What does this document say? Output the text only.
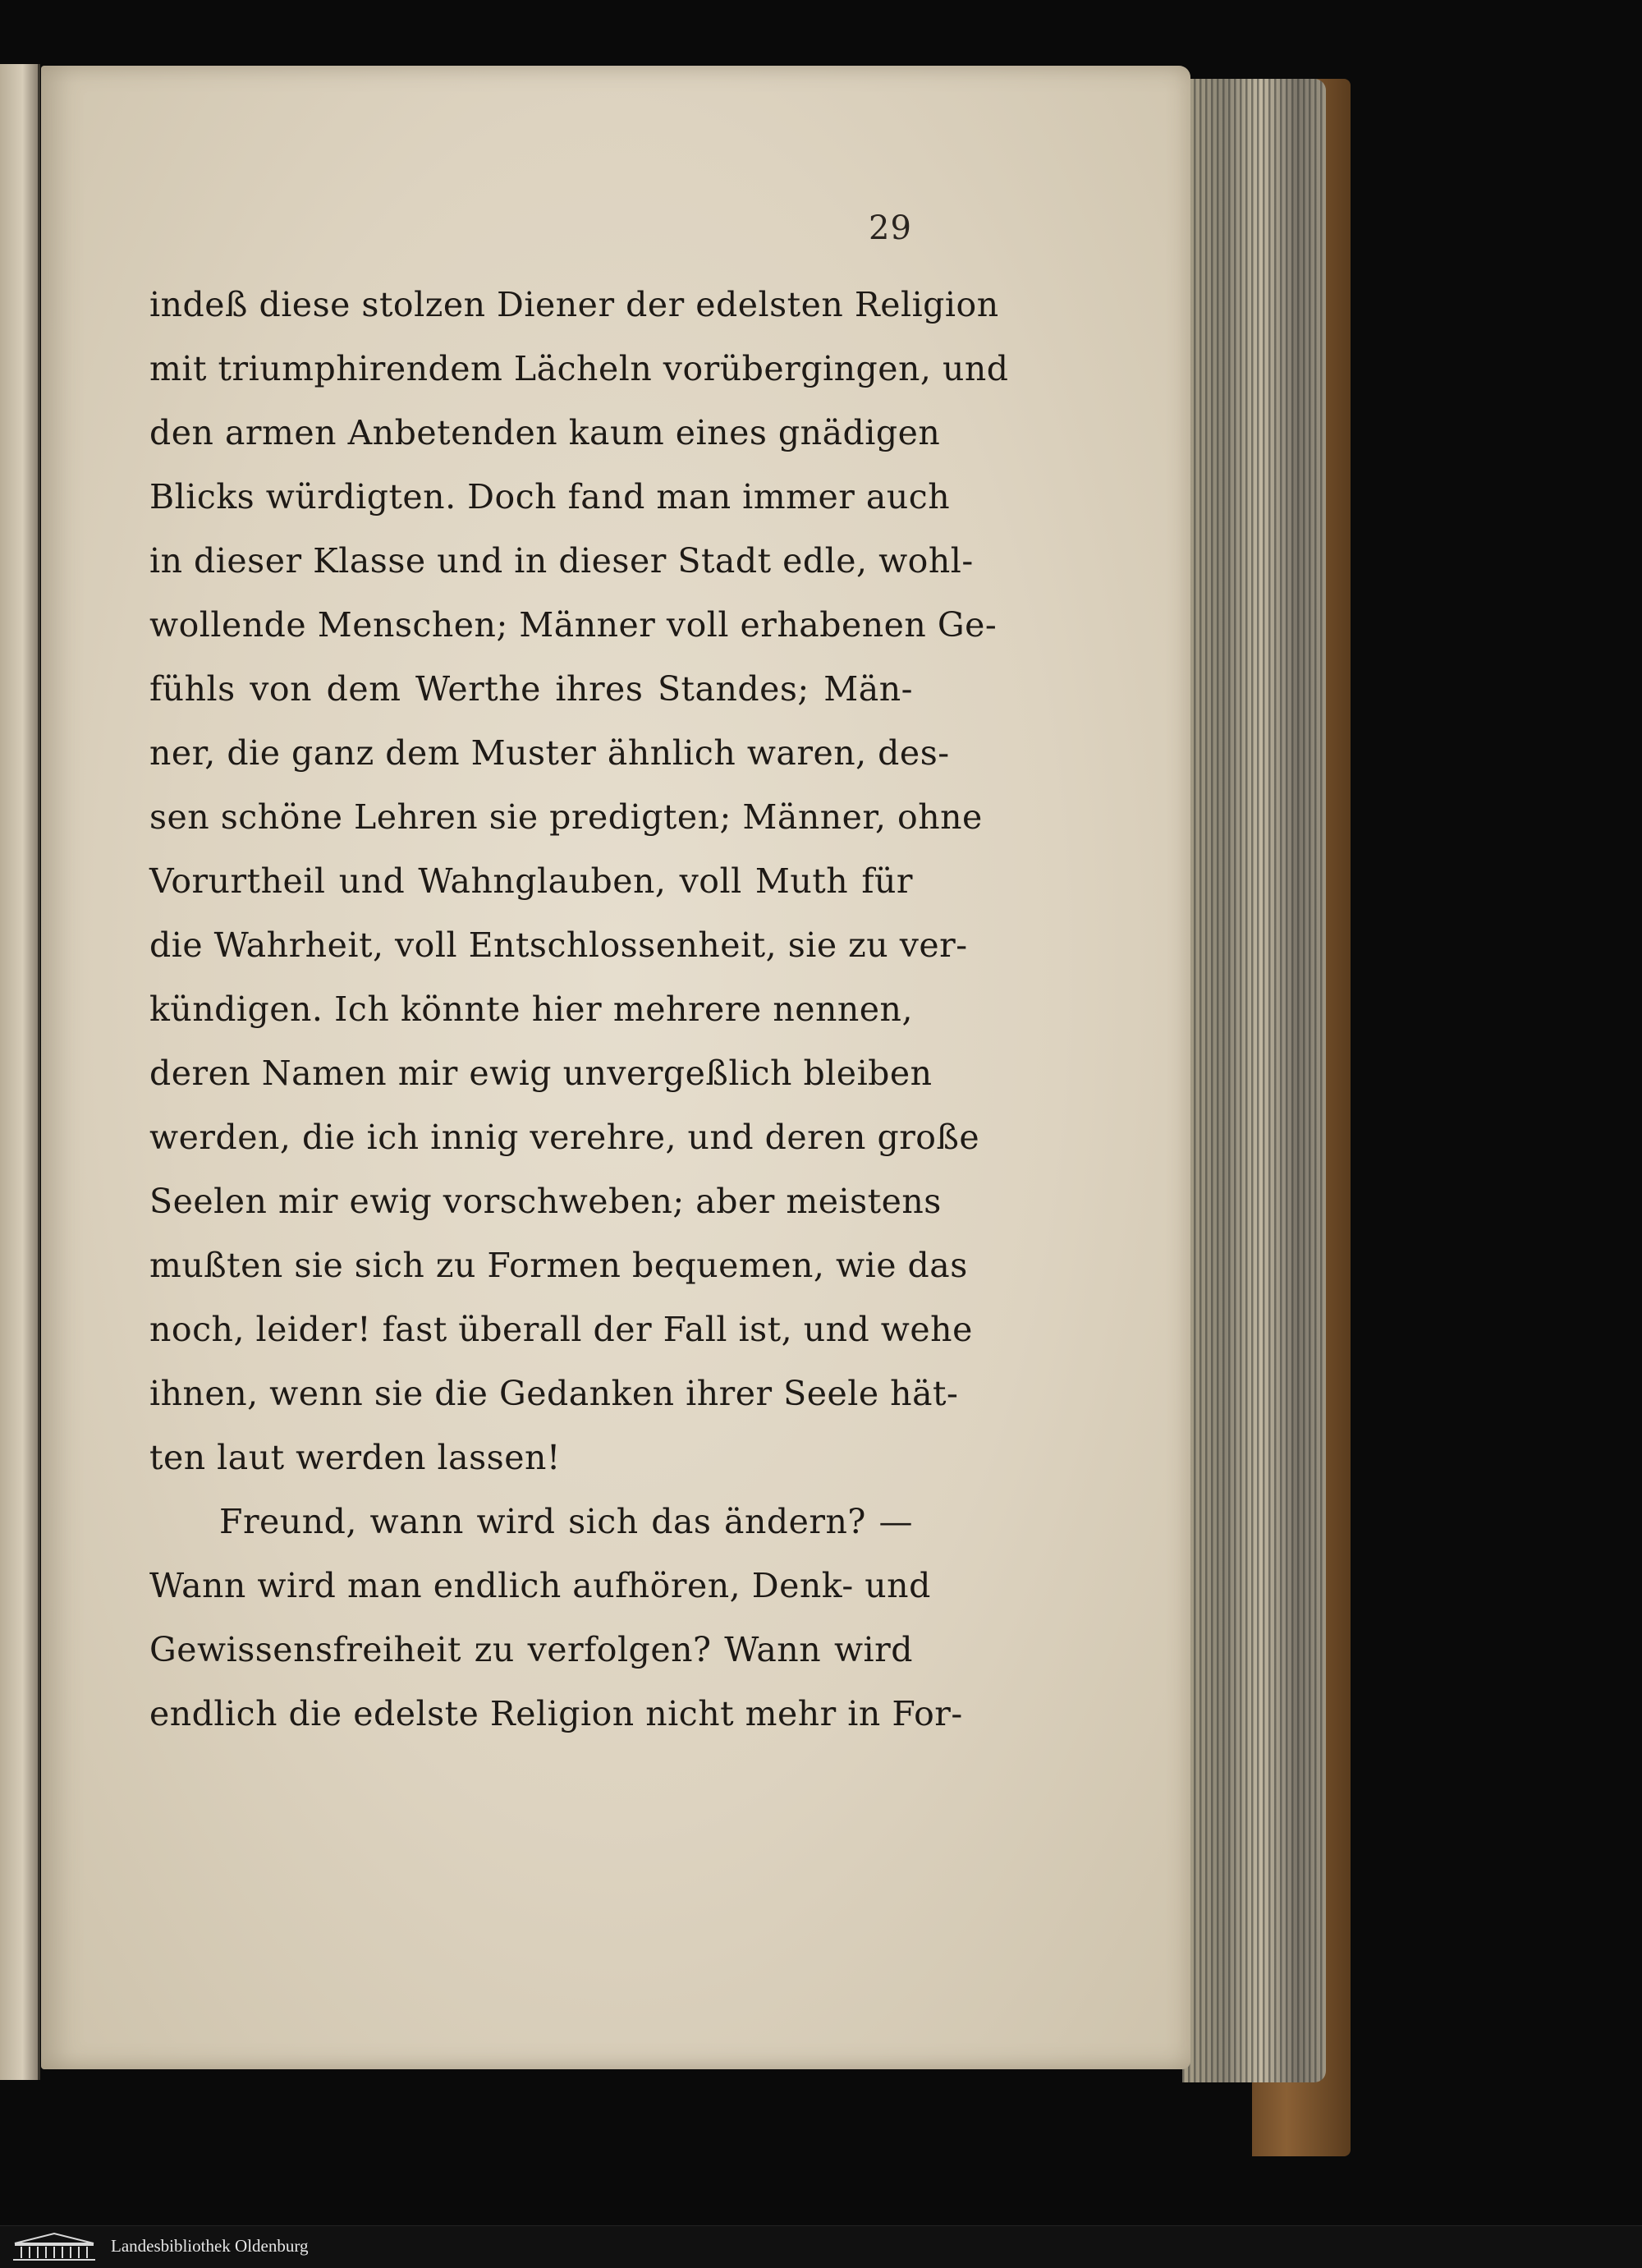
29
indeß diese stolzen Diener der edelsten Religion
mit triumphirendem Lächeln vorübergingen, und
den armen Anbetenden kaum eines gnädigen
Blicks würdigten. Doch fand man immer auch
in dieser Klasse und in dieser Stadt edle, wohl-
wollende Menschen; Männer voll erhabenen Ge-
fühls von dem Werthe ihres Standes; Män-
ner, die ganz dem Muster ähnlich waren, des-
sen schöne Lehren sie predigten; Männer, ohne
Vorurtheil und Wahnglauben, voll Muth für
die Wahrheit, voll Entschlossenheit, sie zu ver-
kündigen. Ich könnte hier mehrere nennen,
deren Namen mir ewig unvergeßlich bleiben
werden, die ich innig verehre, und deren große
Seelen mir ewig vorschweben; aber meistens
mußten sie sich zu Formen bequemen, wie das
noch, leider! fast überall der Fall ist, und wehe
ihnen, wenn sie die Gedanken ihrer Seele hät-
ten laut werden lassen!
Freund, wann wird sich das ändern? —
Wann wird man endlich aufhören, Denk- und
Gewissensfreiheit zu verfolgen? Wann wird
endlich die edelste Religion nicht mehr in For-
Landesbibliothek Oldenburg
